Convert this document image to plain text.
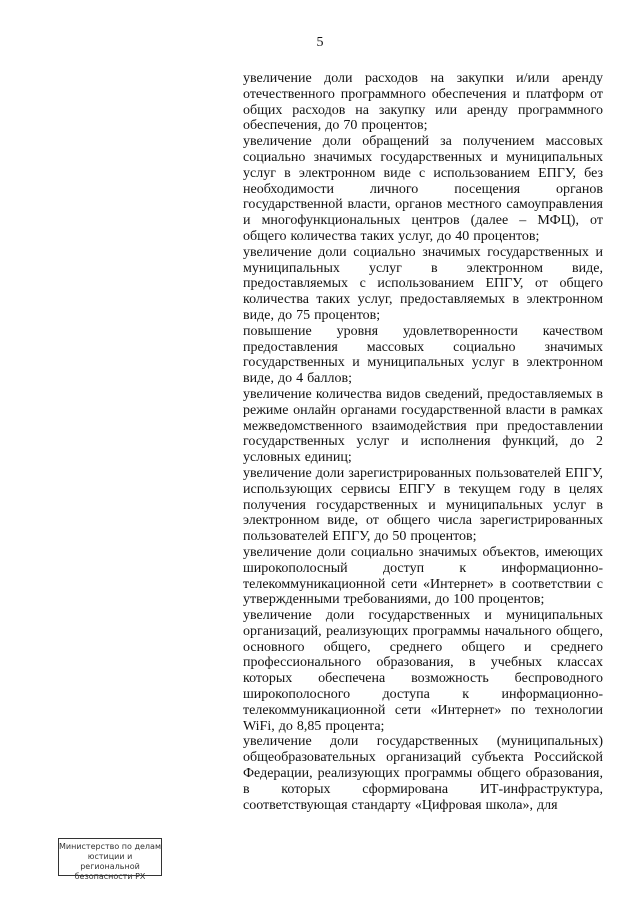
5

увеличение доли расходов на закупки и/или аренду отечественного программного обеспечения и платформ от общих расходов на закупку или аренду программного обеспечения, до 70 процентов;

увеличение доли обращений за получением массовых социально значимых государственных и муниципальных услуг в электронном виде с использованием ЕПГУ, без необходимости личного посещения органов государственной власти, органов местного самоуправления и многофункциональных центров (далее – МФЦ), от общего количества таких услуг, до 40 процентов;

увеличение доли социально значимых государственных и муниципальных услуг в электронном виде, предоставляемых с использованием ЕПГУ, от общего количества таких услуг, предоставляемых в электронном виде, до 75 процентов;

повышение уровня удовлетворенности качеством предоставления массовых социально значимых государственных и муниципальных услуг в электронном виде, до 4 баллов;

увеличение количества видов сведений, предоставляемых в режиме онлайн органами государственной власти в рамках межведомственного взаимодействия при предоставлении государственных услуг и исполнения функций, до 2 условных единиц;

увеличение доли зарегистрированных пользователей ЕПГУ, использующих сервисы ЕПГУ в текущем году в целях получения государственных и муниципальных услуг в электронном виде, от общего числа зарегистрированных пользователей ЕПГУ, до 50 процентов;

увеличение доли социально значимых объектов, имеющих широкополосный доступ к информационно-телекоммуникационной сети «Интернет» в соответствии с утвержденными требованиями, до 100 процентов;

увеличение доли государственных и муниципальных организаций, реализующих программы начального общего, основного общего, среднего общего и среднего профессионального образования, в учебных классах которых обеспечена возможность беспроводного широкополосного доступа к информационно-телекоммуникационной сети «Интернет» по технологии WiFi, до 8,85 процента;

увеличение доли государственных (муниципальных) общеобразовательных организаций субъекта Российской Федерации, реализующих программы общего образования, в которых сформирована ИТ-инфраструктура, соответствующая стандарту «Цифровая школа», для

Министерство по делам
юстиции и региональной
безопасности РХ
